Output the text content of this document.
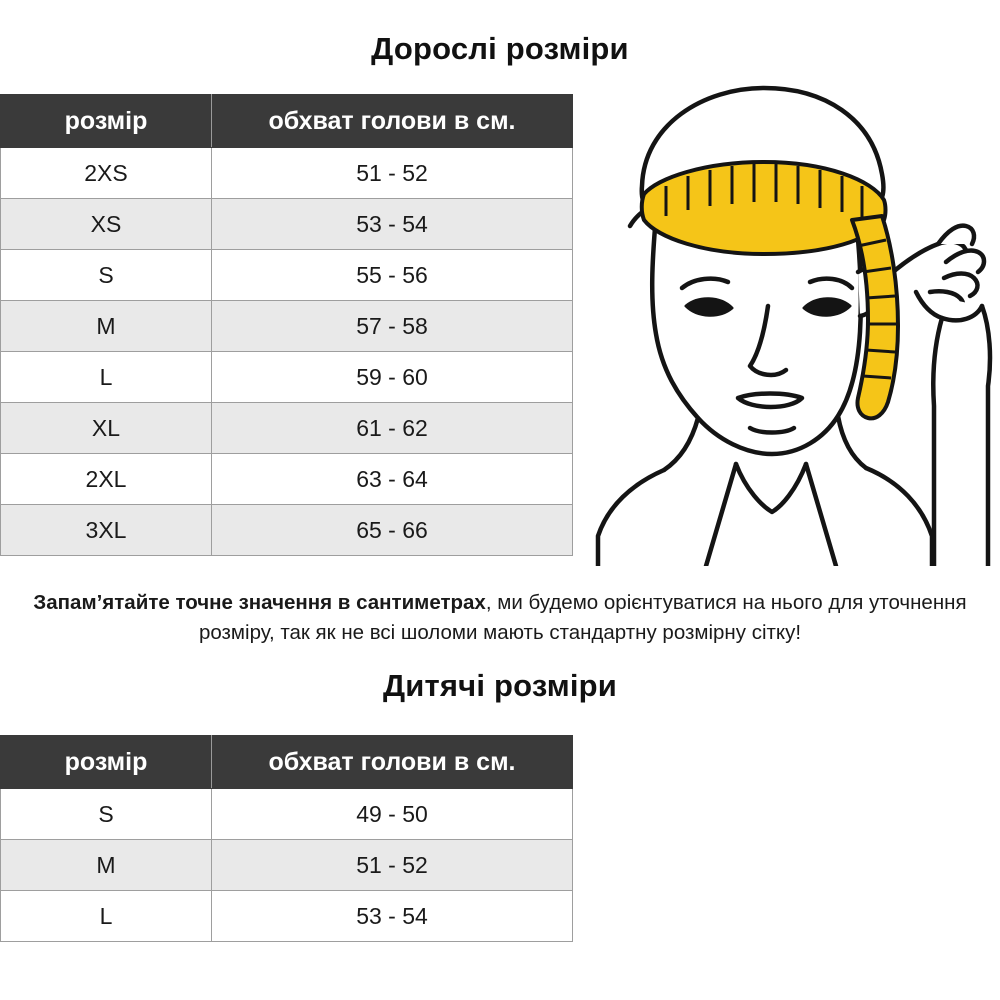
Дорослі розміри
розмір	обхват голови в см.
2XS	51 - 52
XS	53 - 54
S	55 - 56
M	57 - 58
L	59 - 60
XL	61 - 62
2XL	63 - 64
3XL	65 - 66
Запам’ятайте точне значення в сантиметрах, ми будемо орієнтуватися на нього для уточнення розміру, так як не всі шоломи мають стандартну розмірну сітку!
Дитячі розміри
розмір	обхват голови в см.
S	49 - 50
M	51 - 52
L	53 - 54
